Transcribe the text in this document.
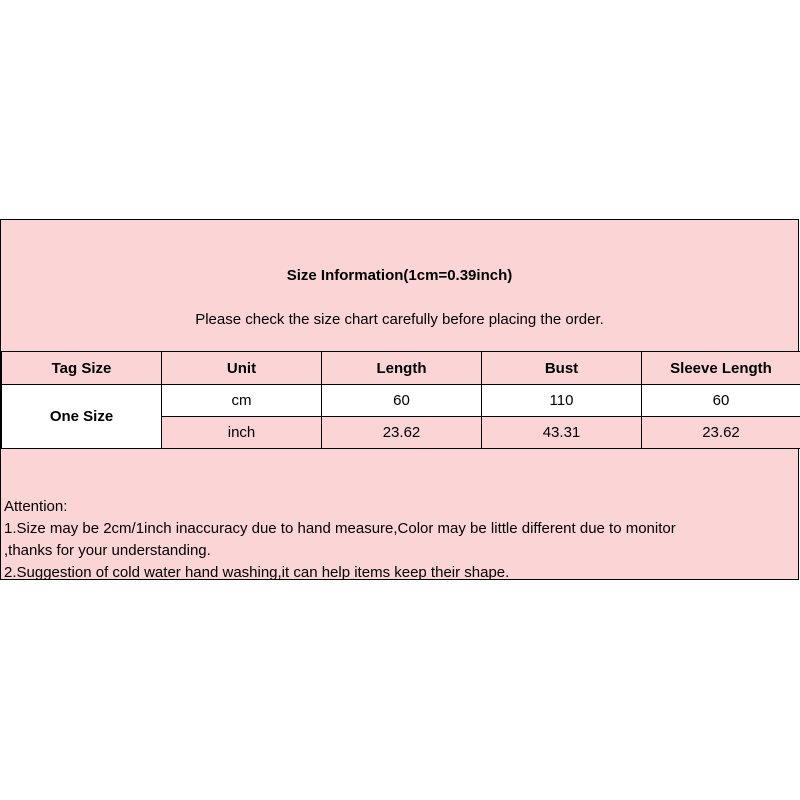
Size Information(1cm=0.39inch)
Please check the size chart carefully before placing the order.
Tag Size	Unit	Length	Bust	Sleeve Length
One Size	cm	60	110	60
	inch	23.62	43.31	23.62
Attention:
1.Size may be 2cm/1inch inaccuracy due to hand measure,Color may be little different due to monitor
,thanks for your understanding.
2.Suggestion of cold water hand washing,it can help items keep their shape.
